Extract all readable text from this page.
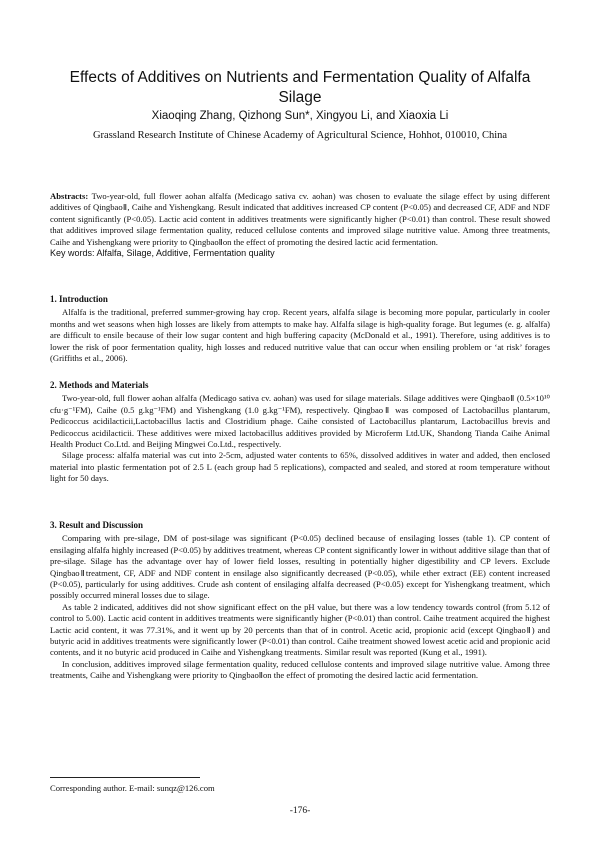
Effects of Additives on Nutrients and Fermentation Quality of Alfalfa Silage
Xiaoqing Zhang, Qizhong Sun*, Xingyou Li, and Xiaoxia Li
Grassland Research Institute of Chinese Academy of Agricultural Science, Hohhot, 010010, China

Abstracts: Two-year-old, full flower aohan alfalfa (Medicago sativa cv. aohan) was chosen to evaluate the silage effect by using different additives of QingbaoⅡ, Caihe and Yishengkang. Result indicated that additives increased CP content (P<0.05) and decreased CF, ADF and NDF content significantly (P<0.05). Lactic acid content in additives treatments were significantly higher (P<0.01) than control. These result showed that additives improved silage fermentation quality, reduced cellulose contents and improved silage nutritive value. Among three treatments, Caihe and Yishengkang were priority to QingbaoⅡon the effect of promoting the desired lactic acid fermentation.

Key words: Alfalfa, Silage, Additive, Fermentation quality

1. Introduction

Alfalfa is the traditional, preferred summer-growing hay crop. Recent years, alfalfa silage is becoming more popular, particularly in cooler months and wet seasons when high losses are likely from attempts to make hay. Alfalfa silage is high-quality forage. But legumes (e. g. alfalfa) are difficult to ensile because of their low sugar content and high buffering capacity (McDonald et al., 1991). Therefore, using additives is to lower the risk of poor fermentation quality, high losses and reduced nutritive value that can occur when ensiling problem or ‘at risk’ forages (Griffiths et al., 2006).

2. Methods and Materials

Two-year-old, full flower aohan alfalfa (Medicago sativa cv. aohan) was used for silage materials. Silage additives were QingbaoⅡ (0.5×10¹⁰ cfu·g⁻¹FM), Caihe (0.5 g.kg⁻¹FM) and Yishengkang (1.0 g.kg⁻¹FM), respectively. QingbaoⅡ was composed of Lactobacillus plantarum, Pedicoccus acidilacticii,Lactobacillus lactis and Clostridium phage. Caihe consisted of Lactobacillus plantarum, Lactobacillus brevis and Pedicoccus acidilacticii. These additives were mixed lactobacillus additives provided by Microferm Ltd.UK, Shandong Tianda Caihe Animal Health Product Co.Ltd. and Beijing Mingwei Co.Ltd., respectively.

Silage process: alfalfa material was cut into 2-5cm, adjusted water contents to 65%, dissolved additives in water and added, then enclosed material into plastic fermentation pot of 2.5 L (each group had 5 replications), compacted and sealed, and stored at room temperature without light for 50 days.

3. Result and Discussion

Comparing with pre-silage, DM of post-silage was significant (P<0.05) declined because of ensilaging losses (table 1). CP content of ensilaging alfalfa highly increased (P<0.05) by additives treatment, whereas CP content significantly lower in without additive silage than that of pre-silage. Silage has the advantage over hay of lower field losses, resulting in potentially higher digestibility and CP levers. Exclude QingbaoⅡtreatment, CF, ADF and NDF content in ensilage also significantly decreased (P<0.05), while ether extract (EE) content increased (P<0.05), particularly for using additives. Crude ash content of ensilaging alfalfa decreased (P<0.05) except for Yishengkang treatment, which possibly occurred mineral losses due to silage.

As table 2 indicated, additives did not show significant effect on the pH value, but there was a low tendency towards control (from 5.12 of control to 5.00). Lactic acid content in additives treatments were significantly higher (P<0.01) than control. Caihe treatment acquired the highest Lactic acid content, it was 77.31%, and it went up by 20 percents than that of in control. Acetic acid, propionic acid (except QingbaoⅡ) and butyric acid in additives treatments were significantly lower (P<0.01) than control. Caihe treatment showed lowest acetic acid and propionic acid contents, and it no butyric acid produced in Caihe and Yishengkang treatments. Similar result was reported (Kung et al., 1991).

In conclusion, additives improved silage fermentation quality, reduced cellulose contents and improved silage nutritive value. Among three treatments, Caihe and Yishengkang were priority to QingbaoⅡon the effect of promoting the desired lactic acid fermentation.

Corresponding author. E-mail: sunqz@126.com
-176-
